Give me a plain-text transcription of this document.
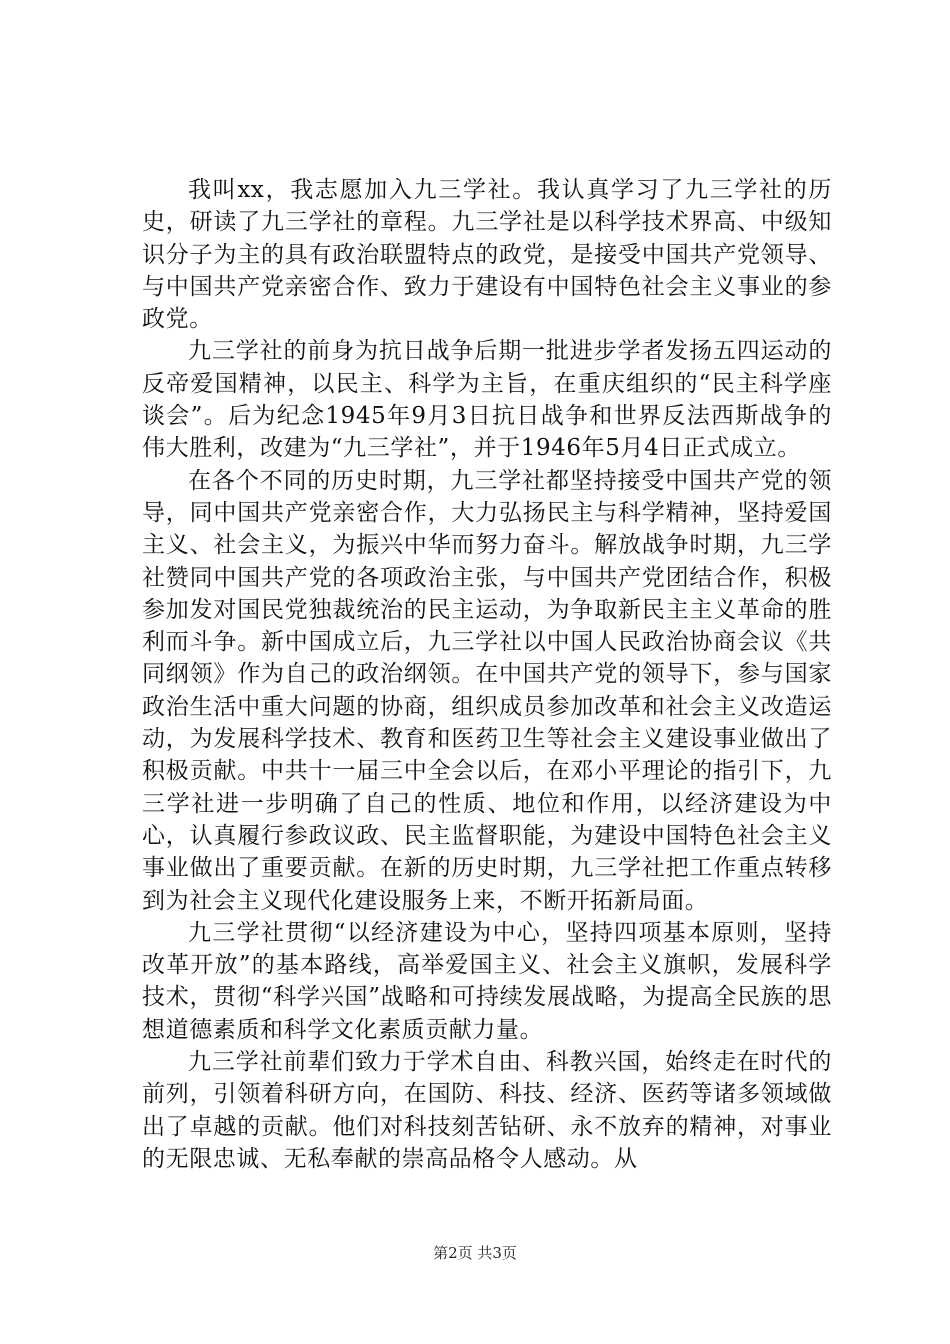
我叫xx，我志愿加入九三学社。我认真学习了九三学社的历史，研读了九三学社的章程。九三学社是以科学技术界高、中级知识分子为主的具有政治联盟特点的政党，是接受中国共产党领导、与中国共产党亲密合作、致力于建设有中国特色社会主义事业的参政党。

九三学社的前身为抗日战争后期一批进步学者发扬五四运动的反帝爱国精神，以民主、科学为主旨，在重庆组织的“民主科学座谈会”。后为纪念1945年9月3日抗日战争和世界反法西斯战争的伟大胜利，改建为“九三学社”，并于1946年5月4日正式成立。

在各个不同的历史时期，九三学社都坚持接受中国共产党的领导，同中国共产党亲密合作，大力弘扬民主与科学精神，坚持爱国主义、社会主义，为振兴中华而努力奋斗。解放战争时期，九三学社赞同中国共产党的各项政治主张，与中国共产党团结合作，积极参加发对国民党独裁统治的民主运动，为争取新民主主义革命的胜利而斗争。新中国成立后，九三学社以中国人民政治协商会议《共同纲领》作为自己的政治纲领。在中国共产党的领导下，参与国家政治生活中重大问题的协商，组织成员参加改革和社会主义改造运动，为发展科学技术、教育和医药卫生等社会主义建设事业做出了积极贡献。中共十一届三中全会以后，在邓小平理论的指引下，九三学社进一步明确了自己的性质、地位和作用，以经济建设为中心，认真履行参政议政、民主监督职能，为建设中国特色社会主义事业做出了重要贡献。在新的历史时期，九三学社把工作重点转移到为社会主义现代化建设服务上来，不断开拓新局面。

九三学社贯彻“以经济建设为中心，坚持四项基本原则，坚持改革开放”的基本路线，高举爱国主义、社会主义旗帜，发展科学技术，贯彻“科学兴国”战略和可持续发展战略，为提高全民族的思想道德素质和科学文化素质贡献力量。

九三学社前辈们致力于学术自由、科教兴国，始终走在时代的前列，引领着科研方向，在国防、科技、经济、医药等诸多领域做出了卓越的贡献。他们对科技刻苦钻研、永不放弃的精神，对事业的无限忠诚、无私奉献的崇高品格令人感动。从

第2页 共3页
